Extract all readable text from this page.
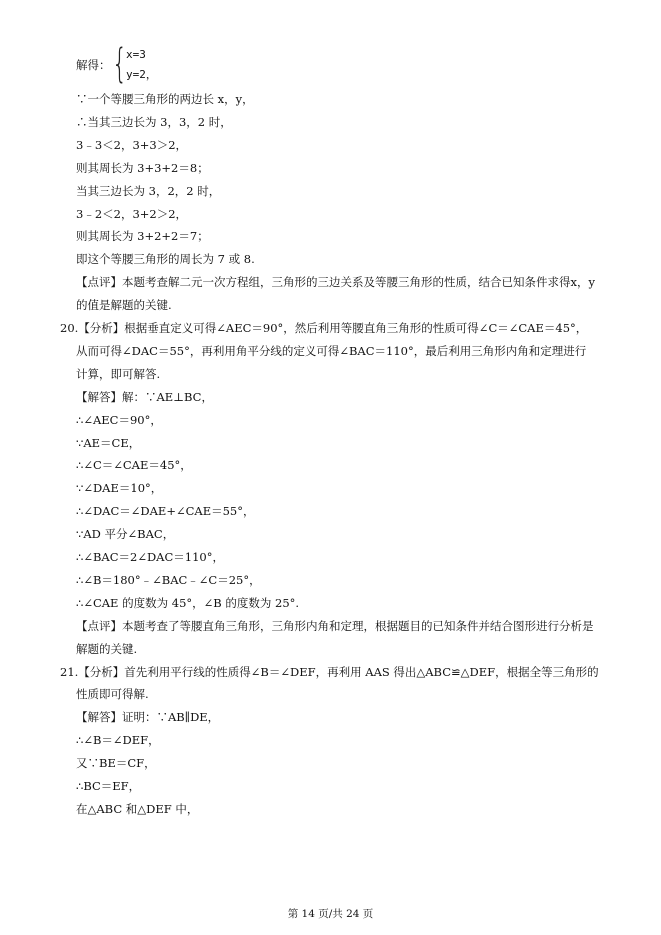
解得： {
x=3
y=2，
∵一个等腰三角形的两边长 x，y，
∴当其三边长为 3，3，2 时，
3﹣3＜2，3+3＞2，
则其周长为 3+3+2＝8；
当其三边长为 3，2，2 时，
3﹣2＜2，3+2＞2，
则其周长为 3+2+2＝7；
即这个等腰三角形的周长为 7 或 8.
【点评】本题考查解二元一次方程组，三角形的三边关系及等腰三角形的性质，结合已知条件求得x，y
的值是解题的关键.
20.【分析】根据垂直定义可得∠AEC＝90°，然后利用等腰直角三角形的性质可得∠C＝∠CAE＝45°，
从而可得∠DAC＝55°，再利用角平分线的定义可得∠BAC＝110°，最后利用三角形内角和定理进行
计算，即可解答.
【解答】解：∵AE⊥BC，
∴∠AEC＝90°，
∵AE＝CE，
∴∠C＝∠CAE＝45°，
∵∠DAE＝10°，
∴∠DAC＝∠DAE+∠CAE＝55°，
∵AD 平分∠BAC，
∴∠BAC＝2∠DAC＝110°，
∴∠B＝180°﹣∠BAC﹣∠C＝25°，
∴∠CAE 的度数为 45°，∠B 的度数为 25°.
【点评】本题考查了等腰直角三角形，三角形内角和定理，根据题目的已知条件并结合图形进行分析是
解题的关键.
21.【分析】首先利用平行线的性质得∠B＝∠DEF，再利用 AAS 得出△ABC≌△DEF，根据全等三角形的
性质即可得解.
【解答】证明：∵AB∥DE，
∴∠B＝∠DEF，
又∵BE＝CF，
∴BC＝EF，
在△ABC 和△DEF 中，
第 14 页/共 24 页
